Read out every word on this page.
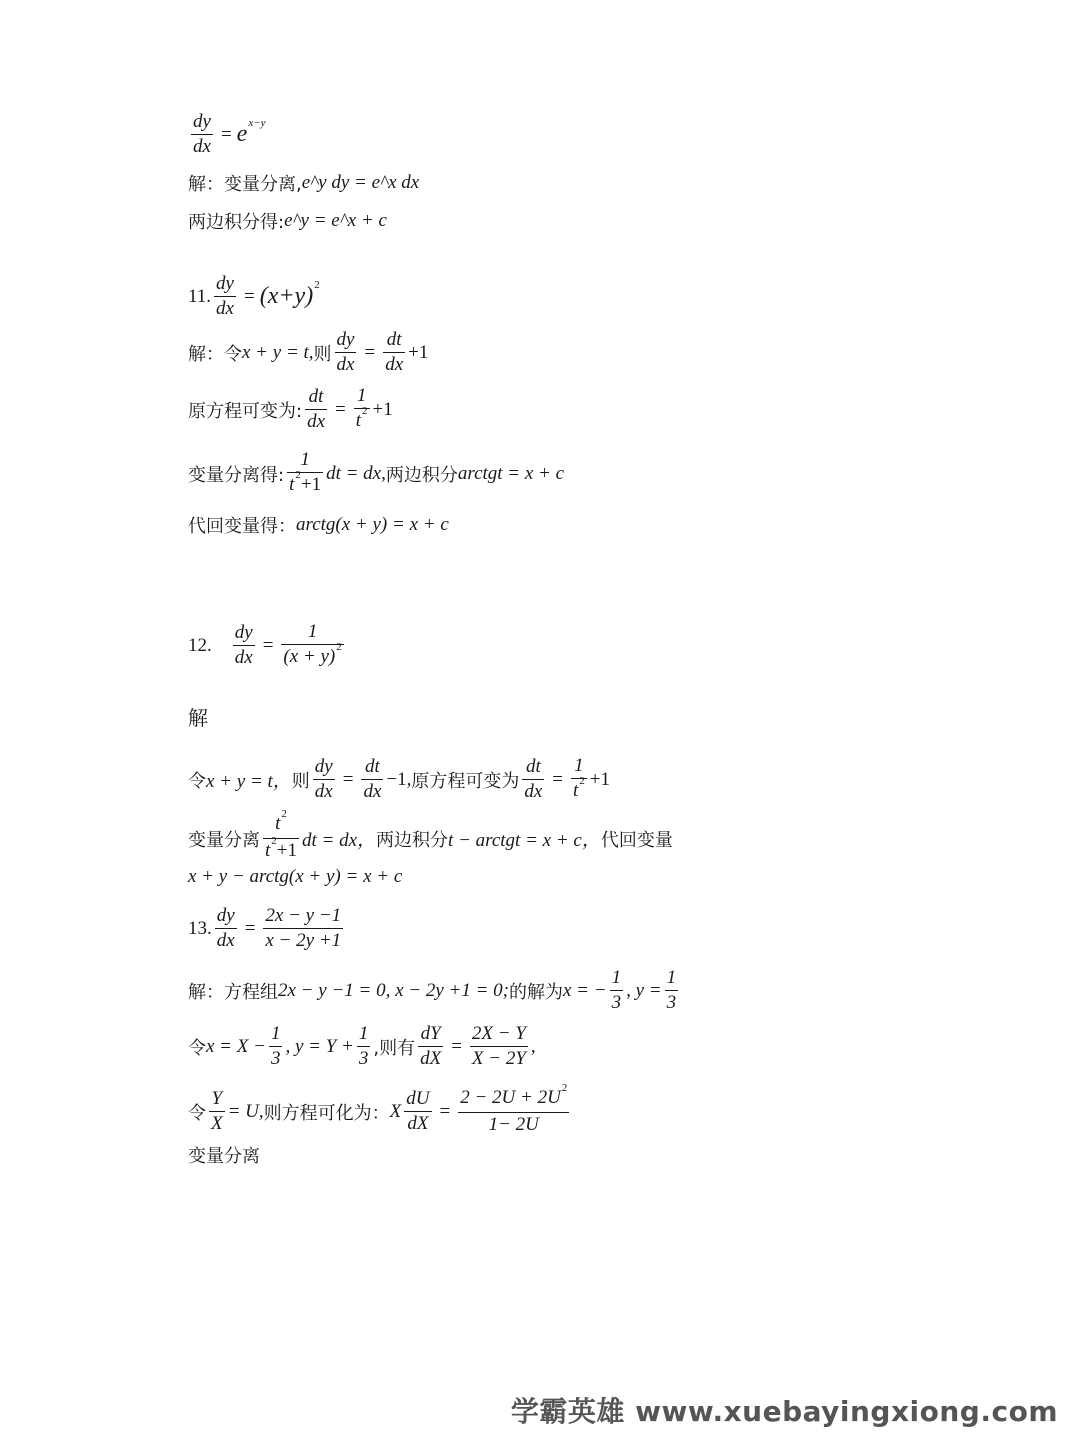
$\frac{dy}{dx} = e$ x−y
解：变量分离, e^y dy = e^x dx
两边积分得: e^y = e^x + c
11. $\frac{dy}{dx} = (x+y)$ 2
解：令 x + y = t, 则 $\frac{dy}{dx} = \frac{dt}{dx} +1$
原方程可变为: $\frac{dt}{dx} = \frac{1}{t^2} +1$
变量分离得: $\frac{1}{t^2+1}$ dt = dx, 两边积分 arctgt = x + c
代回变量得： arctg(x + y) = x + c
12. $\frac{dy}{dx} = \frac{1}{(x + y)^2}$
解
令 x + y = t， 则 $\frac{dy}{dx} = \frac{dt}{dx} -1$, 原方程可变为 $\frac{dt}{dx} = \frac{1}{t^2} +1$
变量分离 $\frac{t^2}{t^2+1}$ dt = dx， 两边积分 t − arctgt = x + c， 代回变量
x + y − arctg(x + y) = x + c
13. $\frac{dy}{dx} = \frac{2x - y -1}{x - 2y +1}$
解：方程组 2x − y −1 = 0, x − 2y +1 = 0; 的解为 x = − $\frac{1}{3}$ , $y = \frac{1}{3}$
令 $x = X - \frac{1}{3}$ , $y = Y + \frac{1}{3}$ ,则有 $\frac{dY}{dX} = \frac{2X - Y}{X - 2Y}$ ,
令 $\frac{Y}{X} = U$, 则方程可化为： X $\frac{dU}{dX} = \frac{2 - 2U + 2U^2}{1- 2U}$
变量分离
学霸英雄 www.xuebayingxiong.com
